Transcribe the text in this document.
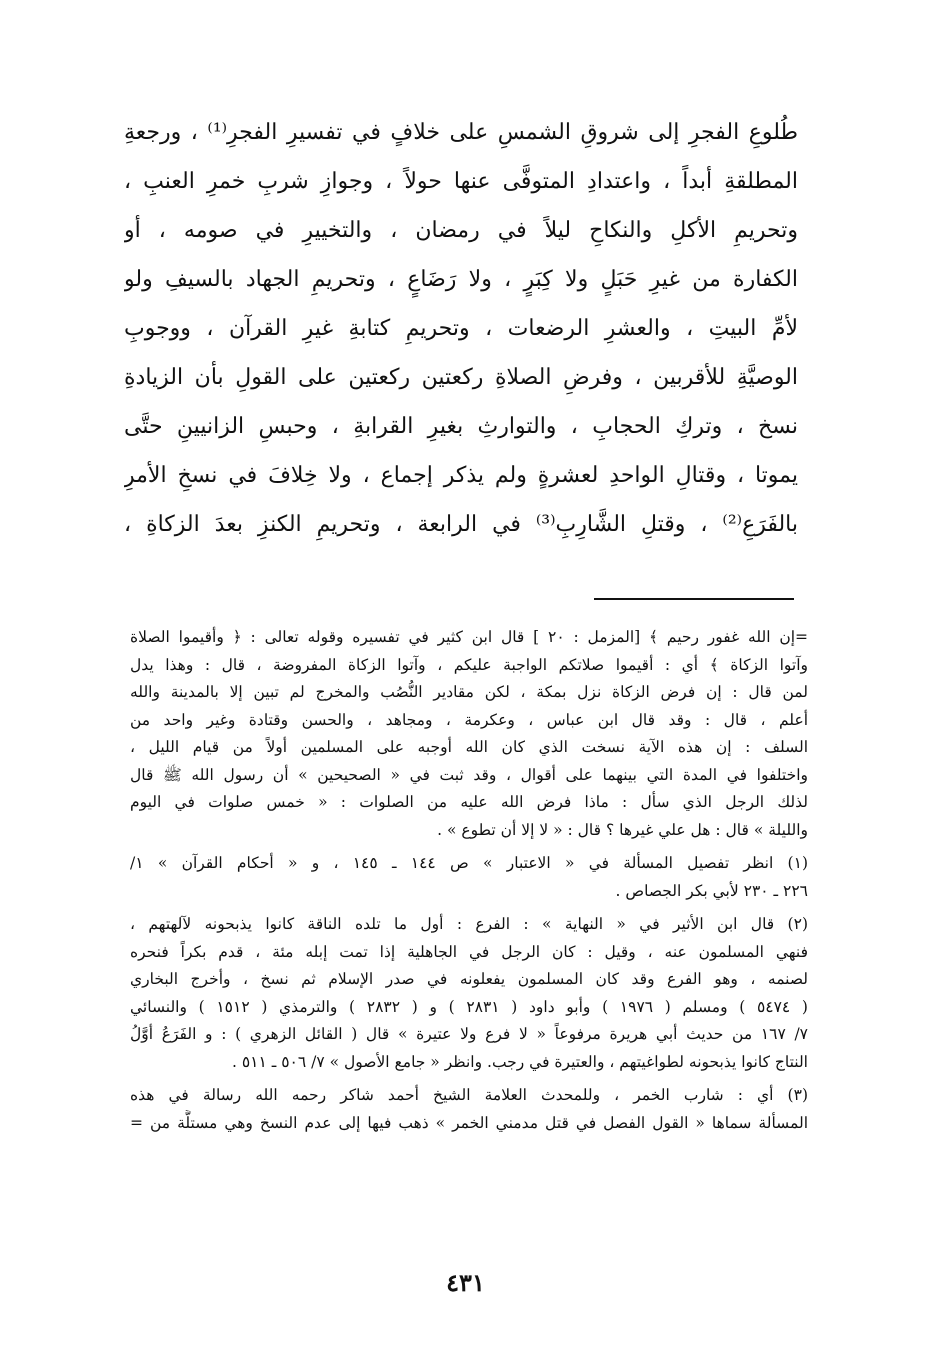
طُلوعِ الفجرِ إلى شروقِ الشمسِ على خلافٍ في تفسيرِ الفجرِ⁽¹⁾ ، ورجعةِ
المطلقةِ أبداً ، واعتدادِ المتوفَّى عنها حولاً ، وجوازِ شربِ خمرِ العنبِ ،
وتحريمِ الأكلِ والنكاحِ ليلاً في رمضان ، والتخييرِ في صومه ، أو
الكفارة من غيرِ حَبَلٍ ولا كِبَرٍ ، ولا رَضَاعٍ ، وتحريمِ الجهاد بالسيفِ ولو
لأمِّ البيتِ ، والعشرِ الرضعات ، وتحريمِ كتابةِ غيرِ القرآن ، ووجوبِ
الوصيَّةِ للأقربين ، وفرضِ الصلاةِ ركعتين ركعتين على القولِ بأن الزيادةِ
نسخ ، وتركِ الحجابِ ، والتوارثِ بغيرِ القرابةِ ، وحبسِ الزانيينِ حتَّى
يموتا ، وقتالِ الواحدِ لعشرةٍ ولم يذكر إجماع ، ولا خِلافَ في نسخِ الأمرِ
بالفَرَعِ⁽²⁾ ، وقتلِ الشَّارِبِ⁽³⁾ في الرابعة ، وتحريمِ الكنزِ بعدَ الزكاةِ ،
=إن الله غفور رحيم ﴾ [المزمل : ٢٠ ] قال ابن كثير في تفسيره وقوله تعالى : ﴿ وأقيموا الصلاة
وآتوا الزكاة ﴾ أي : أقيموا صلاتكم الواجبة عليكم ، وآتوا الزكاة المفروضة ، قال : وهذا يدل
لمن قال : إن فرض الزكاة نزل بمكة ، لكن مقادير النُّصُب والمخرج لم تبين إلا بالمدينة والله
أعلم ، قال : وقد قال ابن عباس ، وعكرمة ، ومجاهد ، والحسن وقتادة وغير واحد من
السلف : إن هذه الآية نسخت الذي كان الله أوجبه على المسلمين أولاً من قيام الليل ،
واختلفوا في المدة التي بينهما على أقوال ، وقد ثبت في « الصحيحين » أن رسول الله ﷺ قال
لذلك الرجل الذي سأل : ماذا فرض الله عليه من الصلوات : « خمس صلوات في اليوم
والليلة » قال : هل علي غيرها ؟ قال : « لا إلا أن تطوع » .
(١) انظر تفصيل المسألة في « الاعتبار » ص ١٤٤ ـ ١٤٥ ، و « أحكام القرآن » ١/
٢٢٦ ـ ٢٣٠ لأبي بكر الجصاص .
(٢) قال ابن الأثير في « النهاية » : الفرع : أول ما تلده الناقة كانوا يذبحونه لآلهتهم ،
فنهي المسلمون عنه ، وقيل : كان الرجل في الجاهلية إذا تمت إبله مئة ، قدم بكراً فنحره
لصنمه ، وهو الفرع وقد كان المسلمون يفعلونه في صدر الإسلام ثم نسخ ، وأخرج البخاري
( ٥٤٧٤ ) ومسلم ( ١٩٧٦ ) وأبو داود ( ٢٨٣١ ) و ( ٢٨٣٢ ) والترمذي ( ١٥١٢ ) والنسائي
٧/ ١٦٧ من حديث أبي هريرة مرفوعاً « لا فرع ولا عتيرة » قال ( القائل الزهري ) : و الفَرَعُ أوَّلُ
النتاج كانوا يذبحونه لطواغيتهم ، والعتيرة في رجب. وانظر « جامع الأصول » ٧/ ٥٠٦ ـ ٥١١ .
(٣) أي : شارب الخمر ، وللمحدث العلامة الشيخ أحمد شاكر رحمه الله رسالة في هذه
المسألة سماها « القول الفصل في قتل مدمني الخمر » ذهب فيها إلى عدم النسخ وهي مستلَّة من =
٤٣١
